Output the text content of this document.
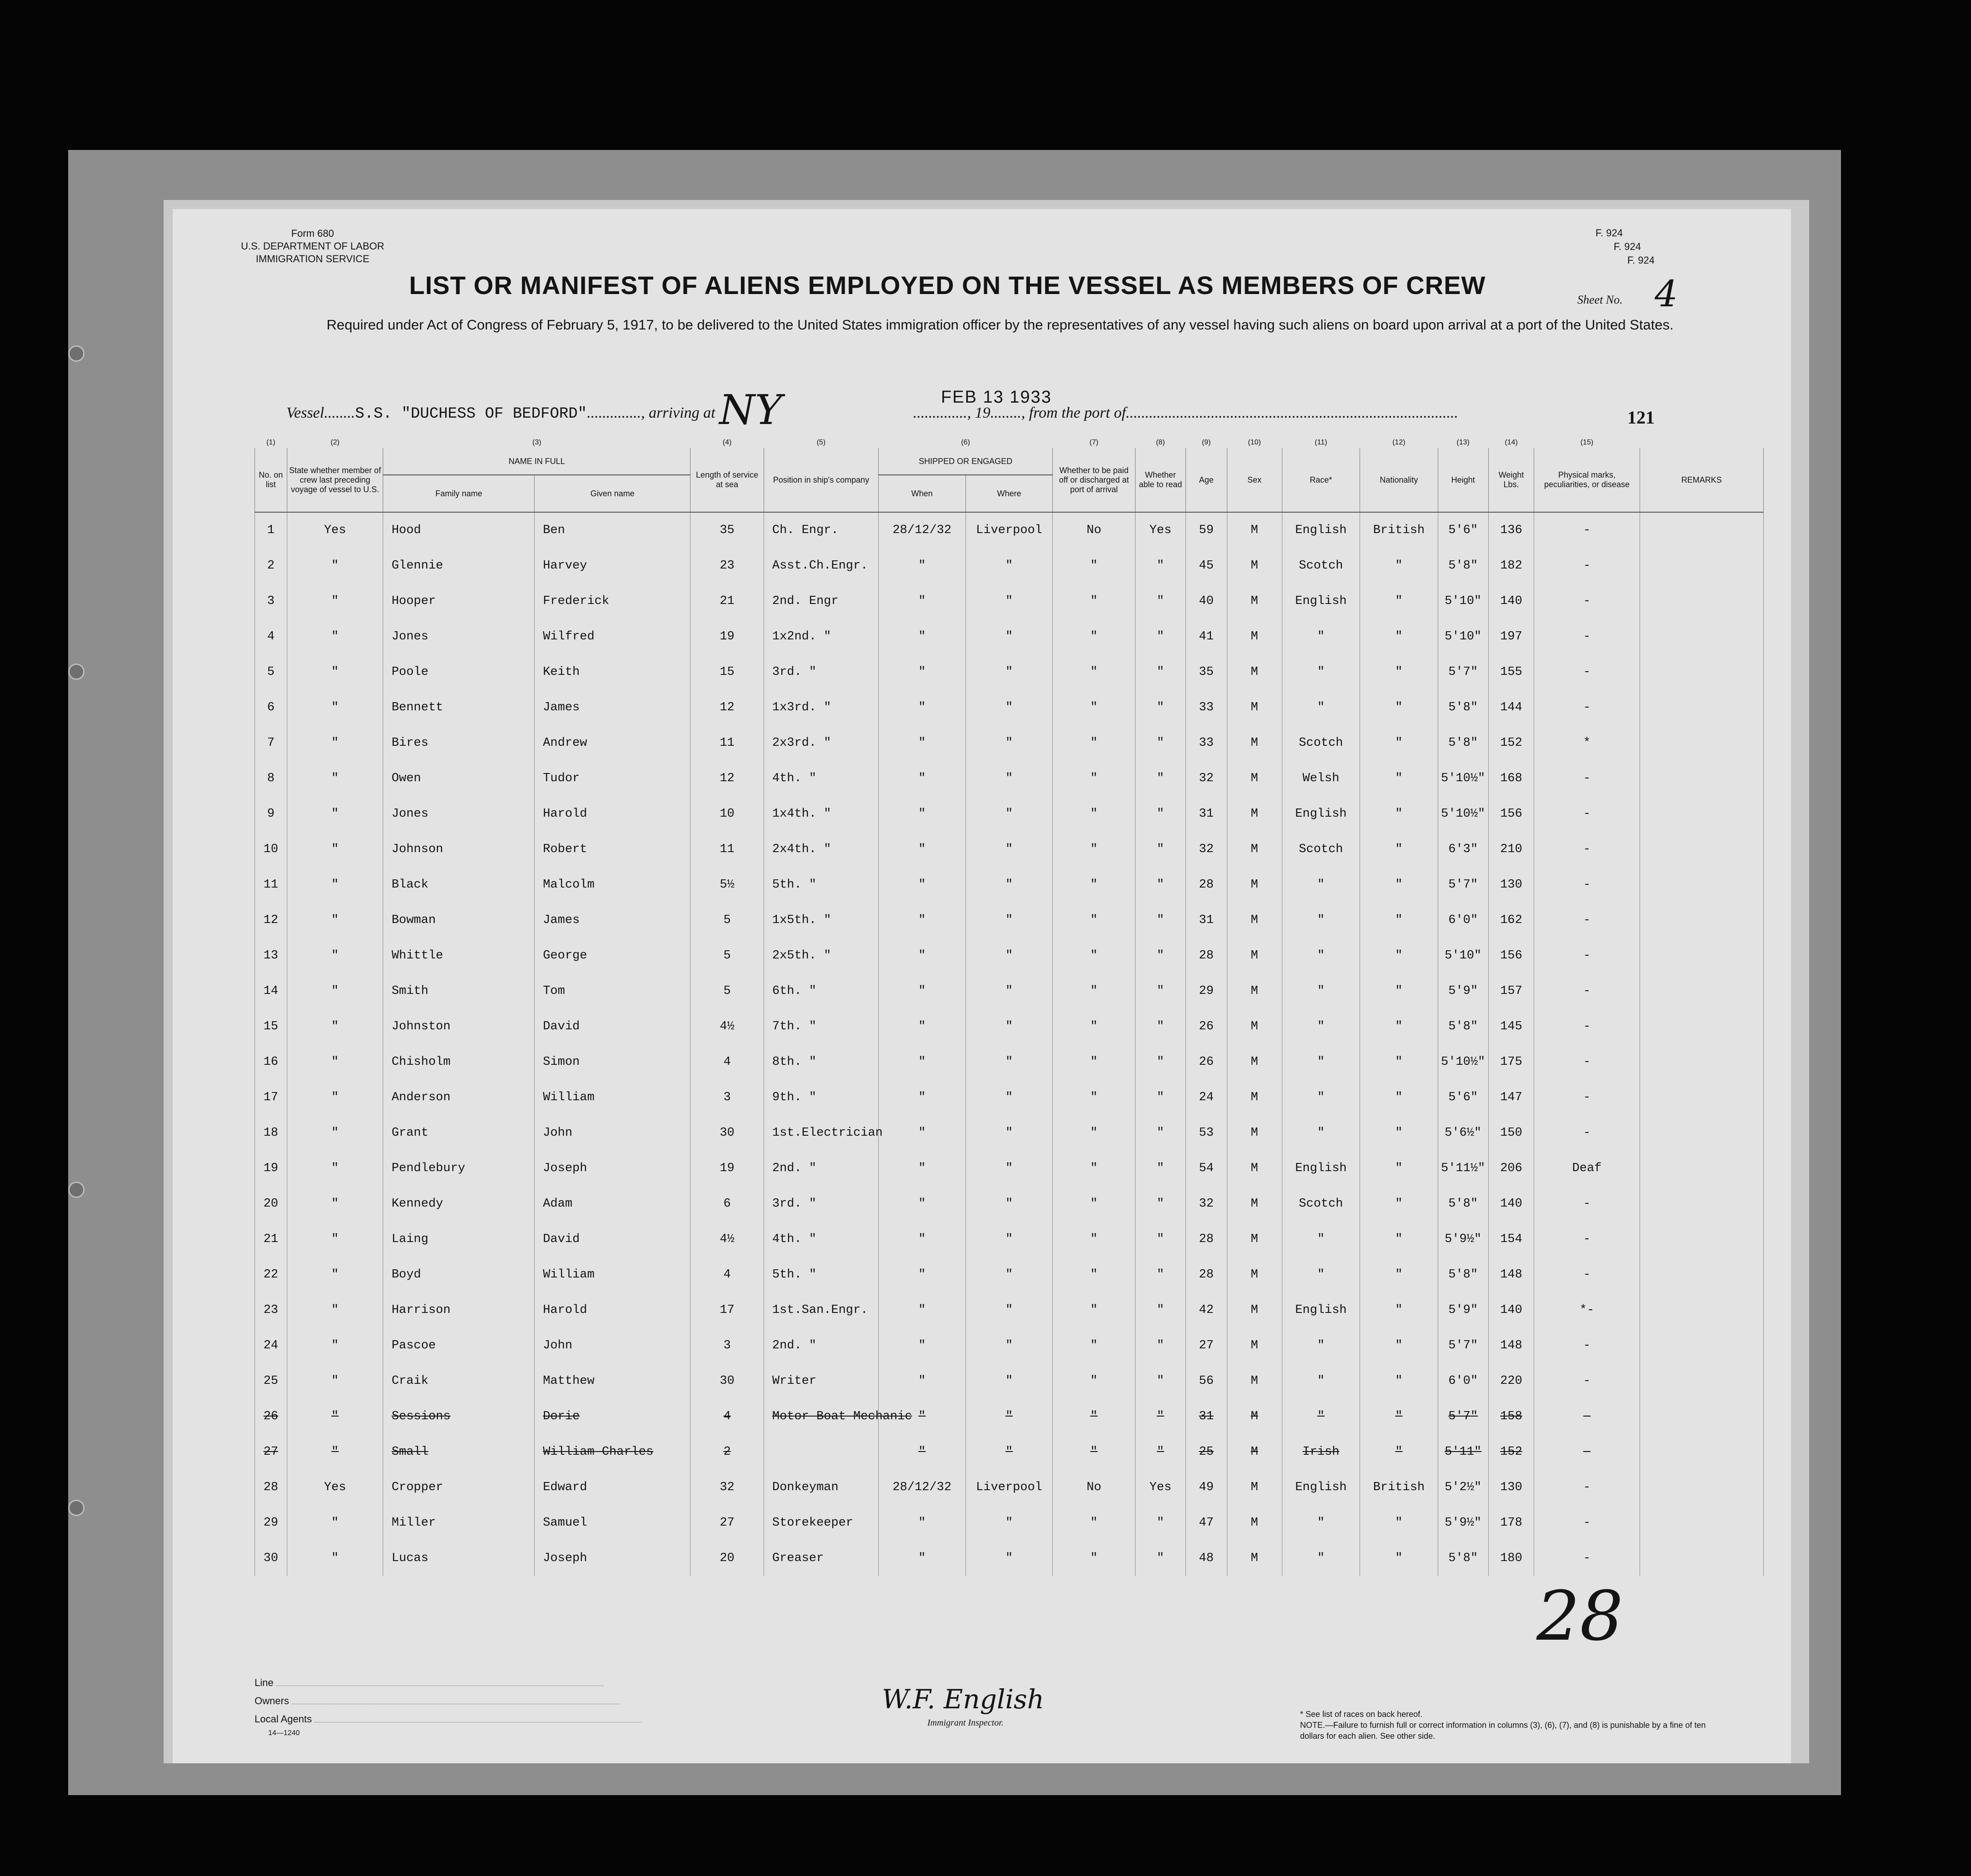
Form 680
U.S. DEPARTMENT OF LABOR
IMMIGRATION SERVICE
F. 924
F. 924
F. 924
LIST OR MANIFEST OF ALIENS EMPLOYED ON THE VESSEL AS MEMBERS OF CREW
Sheet No. 4
Required under Act of Congress of February 5, 1917, to be delivered to the United States immigration officer by the representatives of any vessel having such aliens on board upon arrival at a port of the United States.
Vessel........S.S. "DUCHESS OF BEDFORD".............., arriving at NY	.............., 19........, from the port of......................................................................................
FEB 13 1933
121
(1)	(2)	(3)		(4)	(5)	(6)		(7)	(8)	(9)	(10)	(11)	(12)	(13)	(14)	(15)	
No. on list	State whether member of crew last preceding voyage of vessel to U.S.	NAME IN FULL		Length of service at sea	Position in ship's company	SHIPPED OR ENGAGED		Whether to be paid off or discharged at port of arrival	Whether able to read	Age	Sex	Race*	Nationality	Height	Weight Lbs.	Physical marks, peculiarities, or disease	REMARKS
		Family name	Given name			When	Where										
1	Yes	Hood	Ben	35	Ch. Engr.	28/12/32	Liverpool	No	Yes	59	M	English	British	5'6"	136	-	
2	"	Glennie	Harvey	23	Asst.Ch.Engr.	"	"	"	"	45	M	Scotch	"	5'8"	182	-	
3	"	Hooper	Frederick	21	2nd. Engr	"	"	"	"	40	M	English	"	5'10"	140	-	
4	"	Jones	Wilfred	19	1x2nd. "	"	"	"	"	41	M	"	"	5'10"	197	-	
5	"	Poole	Keith	15	3rd. "	"	"	"	"	35	M	"	"	5'7"	155	-	
6	"	Bennett	James	12	1x3rd. "	"	"	"	"	33	M	"	"	5'8"	144	-	
7	"	Bires	Andrew	11	2x3rd. "	"	"	"	"	33	M	Scotch	"	5'8"	152	*	
8	"	Owen	Tudor	12	4th. "	"	"	"	"	32	M	Welsh	"	5'10½"	168	-	
9	"	Jones	Harold	10	1x4th. "	"	"	"	"	31	M	English	"	5'10½"	156	-	
10	"	Johnson	Robert	11	2x4th. "	"	"	"	"	32	M	Scotch	"	6'3"	210	-	
11	"	Black	Malcolm	5½	5th. "	"	"	"	"	28	M	"	"	5'7"	130	-	
12	"	Bowman	James	5	1x5th. "	"	"	"	"	31	M	"	"	6'0"	162	-	
13	"	Whittle	George	5	2x5th. "	"	"	"	"	28	M	"	"	5'10"	156	-	
14	"	Smith	Tom	5	6th. "	"	"	"	"	29	M	"	"	5'9"	157	-	
15	"	Johnston	David	4½	7th. "	"	"	"	"	26	M	"	"	5'8"	145	-	
16	"	Chisholm	Simon	4	8th. "	"	"	"	"	26	M	"	"	5'10½"	175	-	
17	"	Anderson	William	3	9th. "	"	"	"	"	24	M	"	"	5'6"	147	-	
18	"	Grant	John	30	1st.Electrician	"	"	"	"	53	M	"	"	5'6½"	150	-	
19	"	Pendlebury	Joseph	19	2nd. "	"	"	"	"	54	M	English	"	5'11½"	206	Deaf	
20	"	Kennedy	Adam	6	3rd. "	"	"	"	"	32	M	Scotch	"	5'8"	140	-	
21	"	Laing	David	4½	4th. "	"	"	"	"	28	M	"	"	5'9½"	154	-	
22	"	Boyd	William	4	5th. "	"	"	"	"	28	M	"	"	5'8"	148	-	
23	"	Harrison	Harold	17	1st.San.Engr.	"	"	"	"	42	M	English	"	5'9"	140	*-	
24	"	Pascoe	John	3	2nd. "	"	"	"	"	27	M	"	"	5'7"	148	-	
25	"	Craik	Matthew	30	Writer	"	"	"	"	56	M	"	"	6'0"	220	-	
26	"	Sessions	Dorie	4	Motor Boat Mechanic	"	"	"	"	31	M	"	"	5'7"	158	-	
27	"	Small	William Charles	2		"	"	"	"	25	M	Irish	"	5'11"	152	-	
28	Yes	Cropper	Edward	32	Donkeyman	28/12/32	Liverpool	No	Yes	49	M	English	British	5'2½"	130	-	
29	"	Miller	Samuel	27	Storekeeper	"	"	"	"	47	M	"	"	5'9½"	178	-	
30	"	Lucas	Joseph	20	Greaser	"	"	"	"	48	M	"	"	5'8"	180	-	
Line
Owners
Local Agents
14—1240
W.F. English
Immigrant Inspector.
* See list of races on back hereof.
NOTE.—Failure to furnish full or correct information in columns (3), (6), (7), and (8) is punishable by a fine of ten dollars for each alien. See other side.
28
